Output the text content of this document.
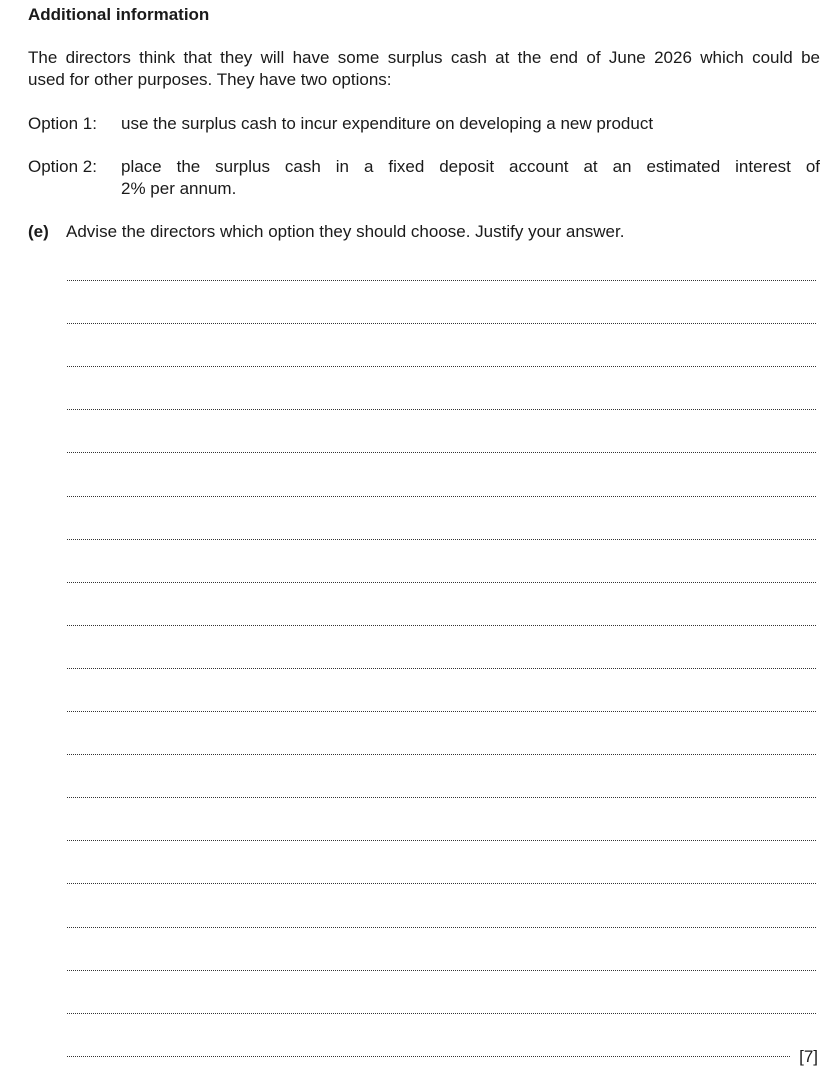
Additional information
The directors think that they will have some surplus cash at the end of June 2026 which could be
used for other purposes. They have two options:
Option 1: use the surplus cash to incur expenditure on developing a new product
Option 2: place the surplus cash in a fixed deposit account at an estimated interest of
2% per annum.
(e) Advise the directors which option they should choose. Justify your answer.
[7]
